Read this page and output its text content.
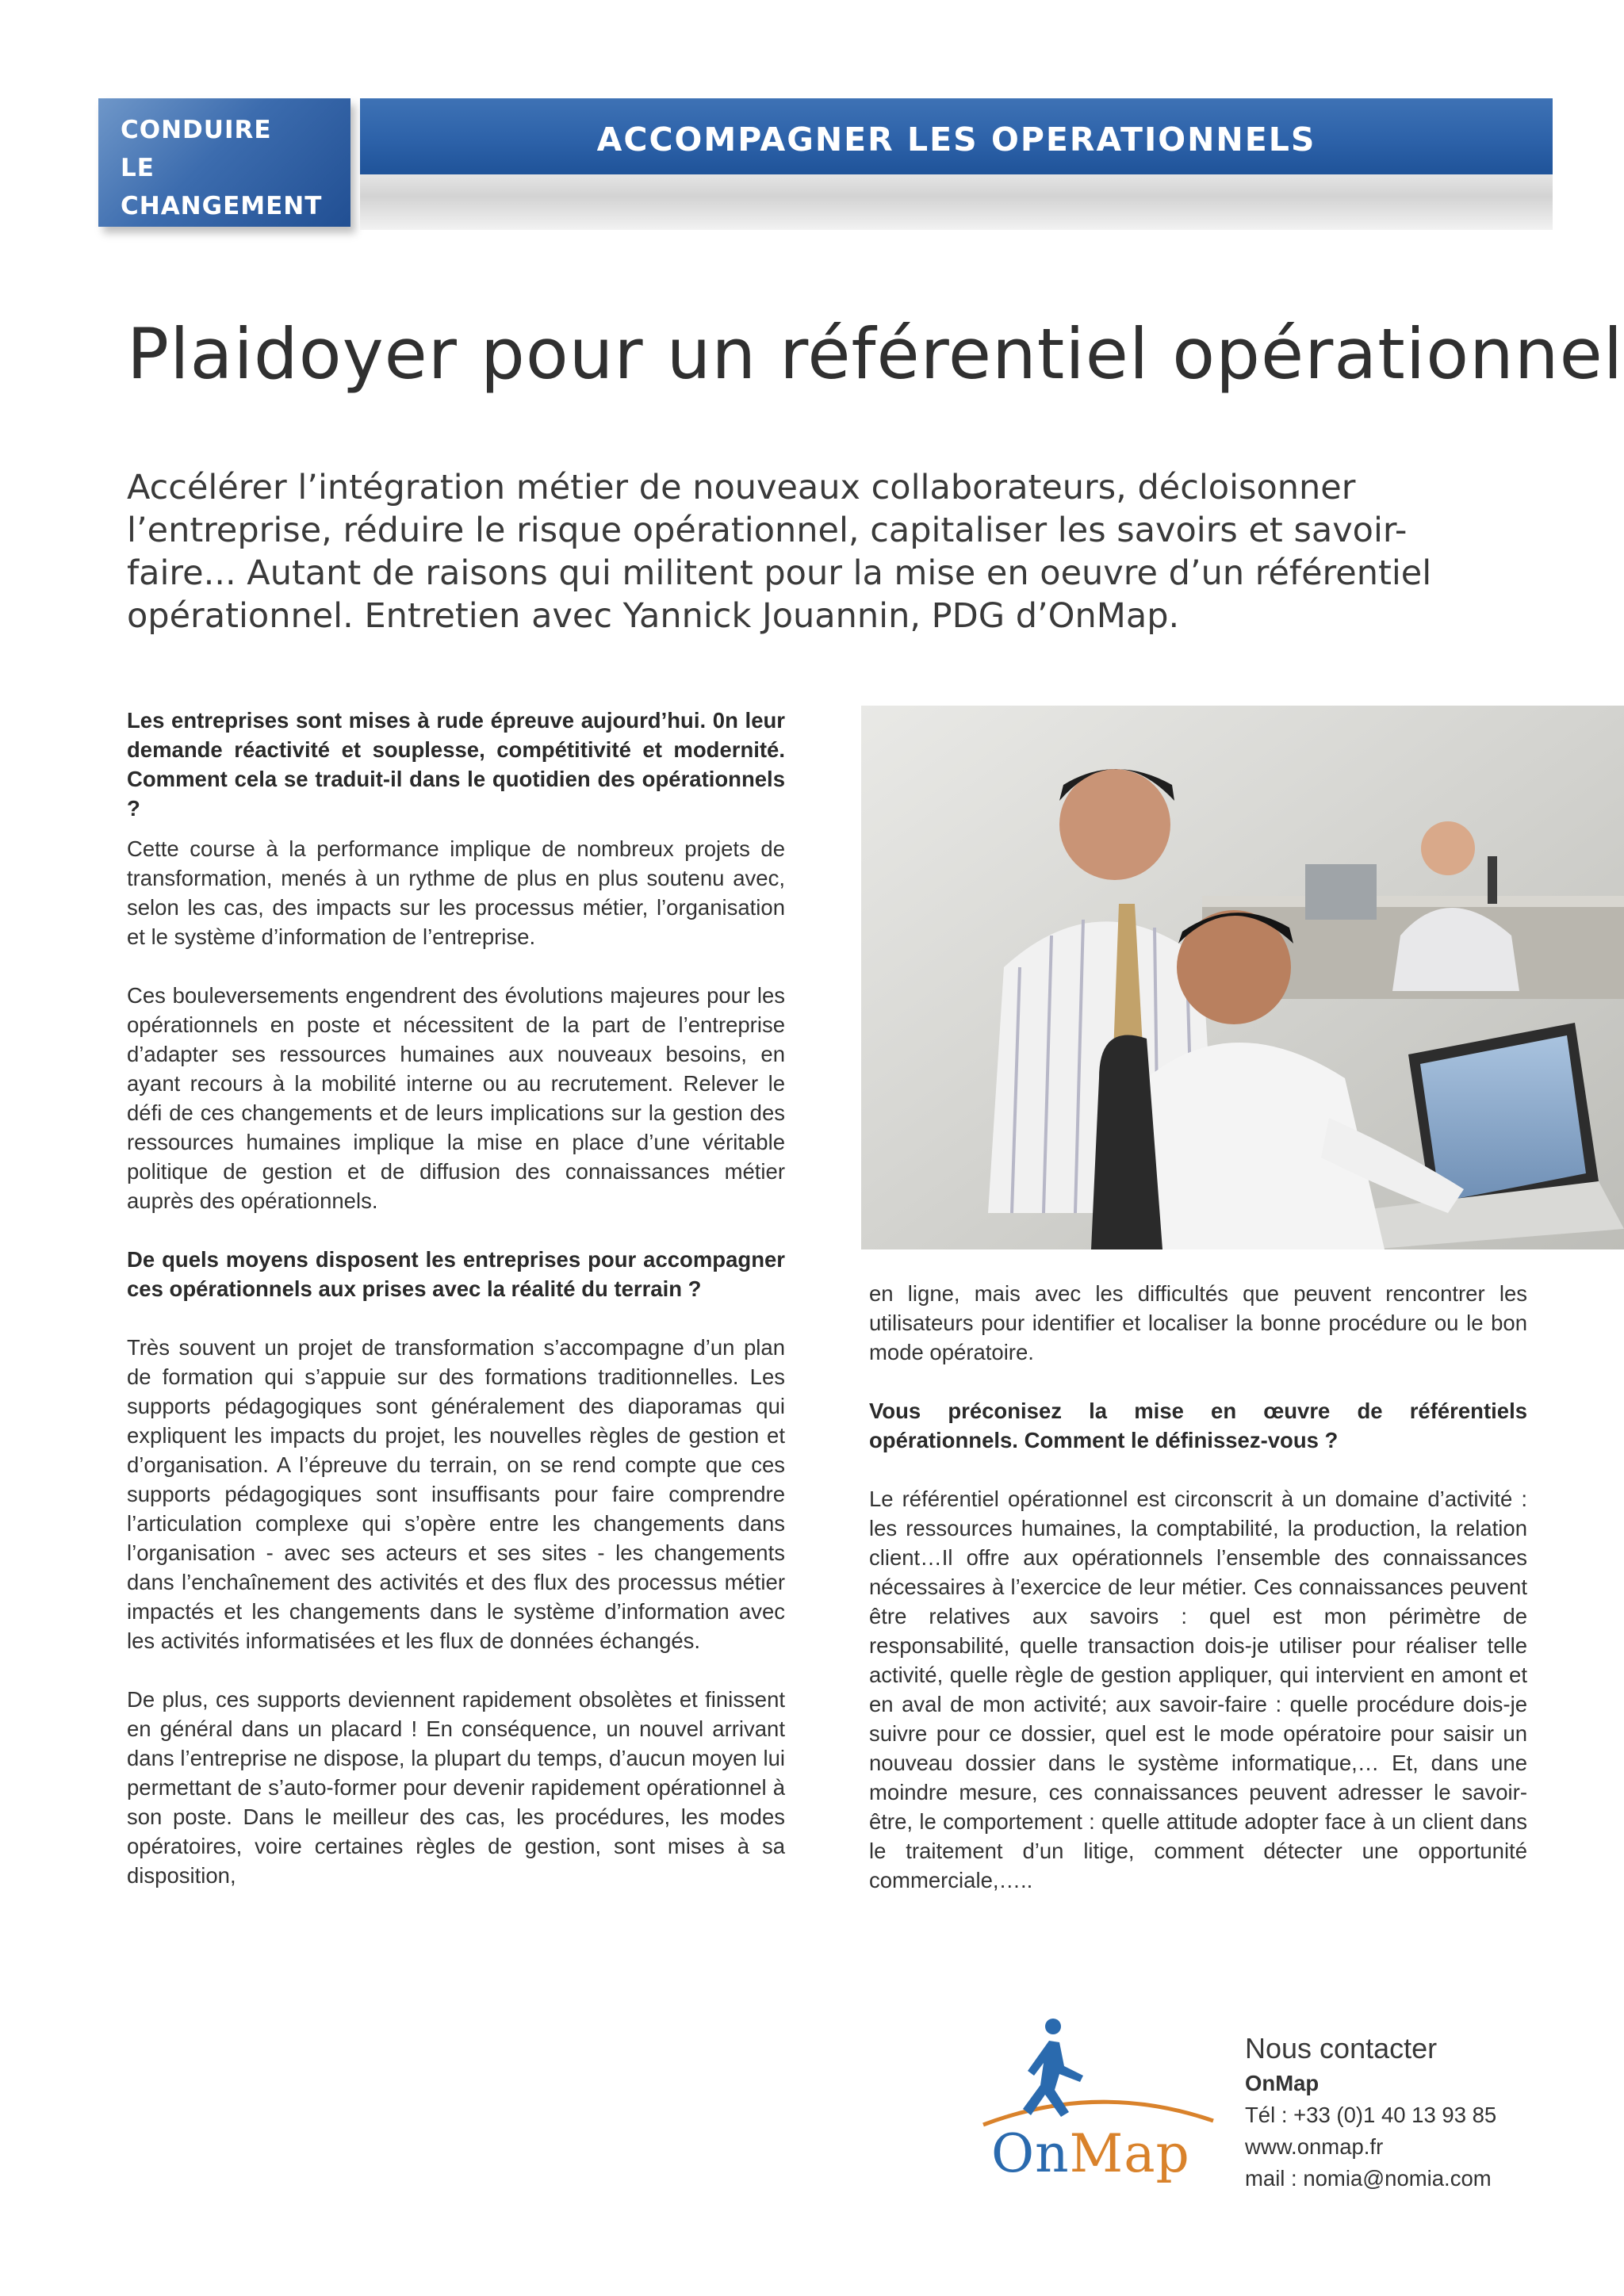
CONDUIRE
LE
CHANGEMENT
ACCOMPAGNER LES OPERATIONNELS
Plaidoyer pour un référentiel opérationnel
Accélérer l’intégration métier de nouveaux collaborateurs, décloisonner l’entreprise, réduire le risque opérationnel, capitaliser les savoirs et savoir-faire... Autant de raisons qui militent pour la mise en oeuvre d’un référentiel opérationnel. Entretien avec Yannick Jouannin, PDG d’OnMap.

Les entreprises sont mises à rude épreuve aujourd’hui. 0n leur demande réactivité et souplesse, compétitivité et modernité. Comment cela se traduit-il dans le quotidien des opérationnels ?

Cette course à la performance implique de nombreux projets de transformation, menés à un rythme de plus en plus soutenu avec, selon les cas, des impacts sur les processus métier, l’organisation et le système d’information de l’entreprise.

Ces bouleversements engendrent des évolutions majeures pour les opérationnels en poste et nécessitent de la part de l’entreprise d’adapter ses ressources humaines aux nouveaux besoins, en ayant recours à la mobilité interne ou au recrutement. Relever le défi de ces changements et de leurs implications sur la gestion des ressources humaines implique la mise en place d’une véritable politique de gestion et de diffusion des connaissances métier auprès des opérationnels.

De quels moyens disposent les entreprises pour accompagner ces opérationnels aux prises avec la réalité du terrain ?

Très souvent un projet de transformation s’accompagne d’un plan de formation qui s’appuie sur des formations traditionnelles. Les supports pédagogiques sont généralement des diaporamas qui expliquent les impacts du projet, les nouvelles règles de gestion et d’organisation. A l’épreuve du terrain, on se rend compte que ces supports pédagogiques sont insuffisants pour faire comprendre l’articulation complexe qui s’opère entre les changements dans l’organisation - avec ses acteurs et ses sites - les changements dans l’enchaînement des activités et des flux des processus métier impactés et les changements dans le système d’information avec les activités informatisées et les flux de données échangés.

De plus, ces supports deviennent rapidement obsolètes et finissent en général dans un placard ! En conséquence, un nouvel arrivant dans l’entreprise ne dispose, la plupart du temps, d’aucun moyen lui permettant de s’auto-former pour devenir rapidement opérationnel à son poste. Dans le meilleur des cas, les procédures, les modes opératoires, voire certaines règles de gestion, sont mises à sa disposition,

en ligne, mais avec les difficultés que peuvent rencontrer les utilisateurs pour identifier et localiser la bonne procédure ou le bon mode opératoire.

Vous préconisez la mise en œuvre de référentiels opérationnels. Comment le définissez-vous ?

Le référentiel opérationnel est circonscrit à un domaine d’activité : les ressources humaines, la comptabilité, la production, la relation client…Il offre aux opérationnels l’ensemble des connaissances nécessaires à l’exercice de leur métier. Ces connaissances peuvent être relatives aux savoirs : quel est mon périmètre de responsabilité, quelle transaction dois-je utiliser pour réaliser telle activité, quelle règle de gestion appliquer, qui intervient en amont et en aval de mon activité; aux savoir-faire : quelle procédure dois-je suivre pour ce dossier, quel est le mode opératoire pour saisir un nouveau dossier dans le système informatique,… Et, dans une moindre mesure, ces connaissances peuvent adresser le savoir-être, le comportement : quelle attitude adopter face à un client dans le traitement d’un litige, comment détecter une opportunité commerciale,…..

OnMap
Nous contacter
OnMap
Tél : +33 (0)1 40 13 93 85
www.onmap.fr
mail : nomia@nomia.com
